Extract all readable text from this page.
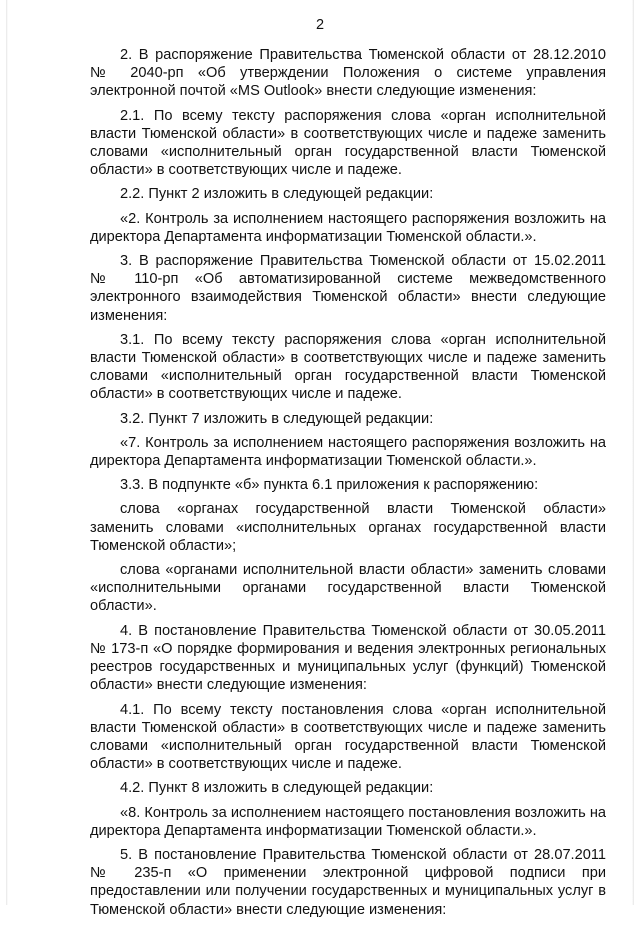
2

2. В распоряжение Правительства Тюменской области от 28.12.2010 № 2040-рп «Об утверждении Положения о системе управления электронной почтой «MS Outlook» внести следующие изменения:

2.1. По всему тексту распоряжения слова «орган исполнительной власти Тюменской области» в соответствующих числе и падеже заменить словами «исполнительный орган государственной власти Тюменской области» в соответствующих числе и падеже.

2.2. Пункт 2 изложить в следующей редакции:

«2. Контроль за исполнением настоящего распоряжения возложить на директора Департамента информатизации Тюменской области.».

3. В распоряжение Правительства Тюменской области от 15.02.2011 № 110-рп «Об автоматизированной системе межведомственного электронного взаимодействия Тюменской области» внести следующие изменения:

3.1. По всему тексту распоряжения слова «орган исполнительной власти Тюменской области» в соответствующих числе и падеже заменить словами «исполнительный орган государственной власти Тюменской области» в соответствующих числе и падеже.

3.2. Пункт 7 изложить в следующей редакции:

«7. Контроль за исполнением настоящего распоряжения возложить на директора Департамента информатизации Тюменской области.».

3.3. В подпункте «б» пункта 6.1 приложения к распоряжению:

слова «органах государственной власти Тюменской области» заменить словами «исполнительных органах государственной власти Тюменской области»;

слова «органами исполнительной власти области» заменить словами «исполнительными органами государственной власти Тюменской области».

4. В постановление Правительства Тюменской области от 30.05.2011 № 173-п «О порядке формирования и ведения электронных региональных реестров государственных и муниципальных услуг (функций) Тюменской области» внести следующие изменения:

4.1. По всему тексту постановления слова «орган исполнительной власти Тюменской области» в соответствующих числе и падеже заменить словами «исполнительный орган государственной власти Тюменской области» в соответствующих числе и падеже.

4.2. Пункт 8 изложить в следующей редакции:

«8. Контроль за исполнением настоящего постановления возложить на директора Департамента информатизации Тюменской области.».

5. В постановление Правительства Тюменской области от 28.07.2011 № 235-п «О применении электронной цифровой подписи при предоставлении или получении государственных и муниципальных услуг в Тюменской области» внести следующие изменения:
